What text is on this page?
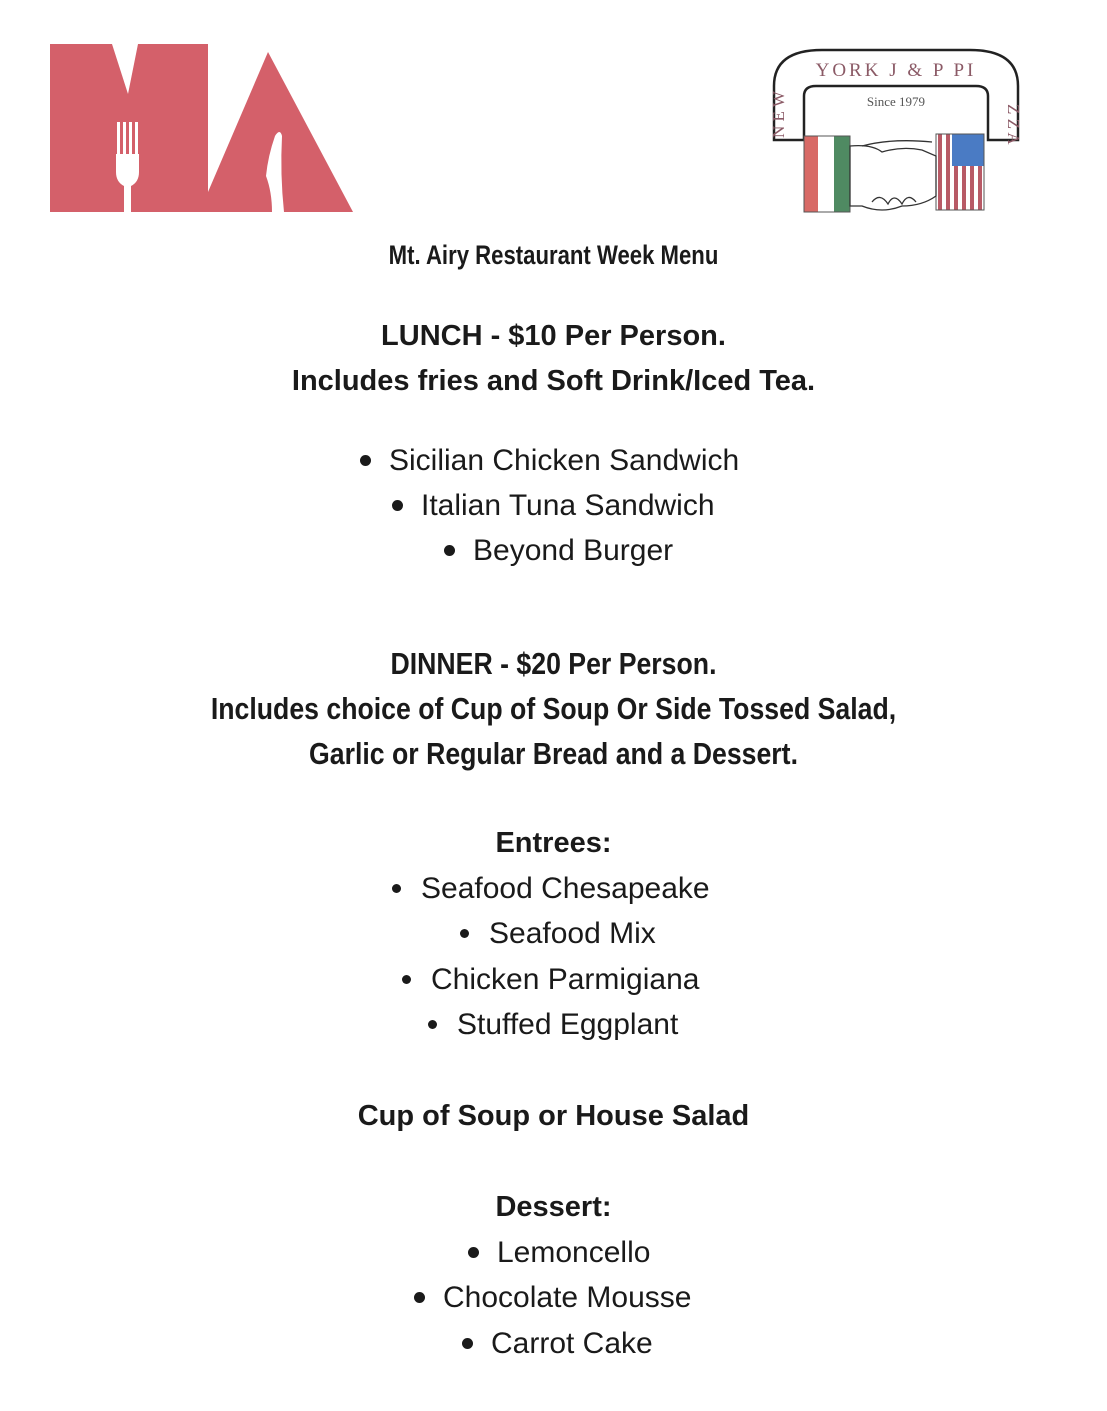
YORK J & P PI
N E W	Z Z A
Since 1979
Mt. Airy Restaurant Week Menu
LUNCH - $10 Per Person.
Includes fries and Soft Drink/Iced Tea.
Sicilian Chicken Sandwich
Italian Tuna Sandwich
Beyond Burger
DINNER - $20 Per Person.
Includes choice of Cup of Soup Or Side Tossed Salad,
Garlic or Regular Bread and a Dessert.
Entrees:
Seafood Chesapeake
Seafood Mix
Chicken Parmigiana
Stuffed Eggplant
Cup of Soup or House Salad
Dessert:
Lemoncello
Chocolate Mousse
Carrot Cake
